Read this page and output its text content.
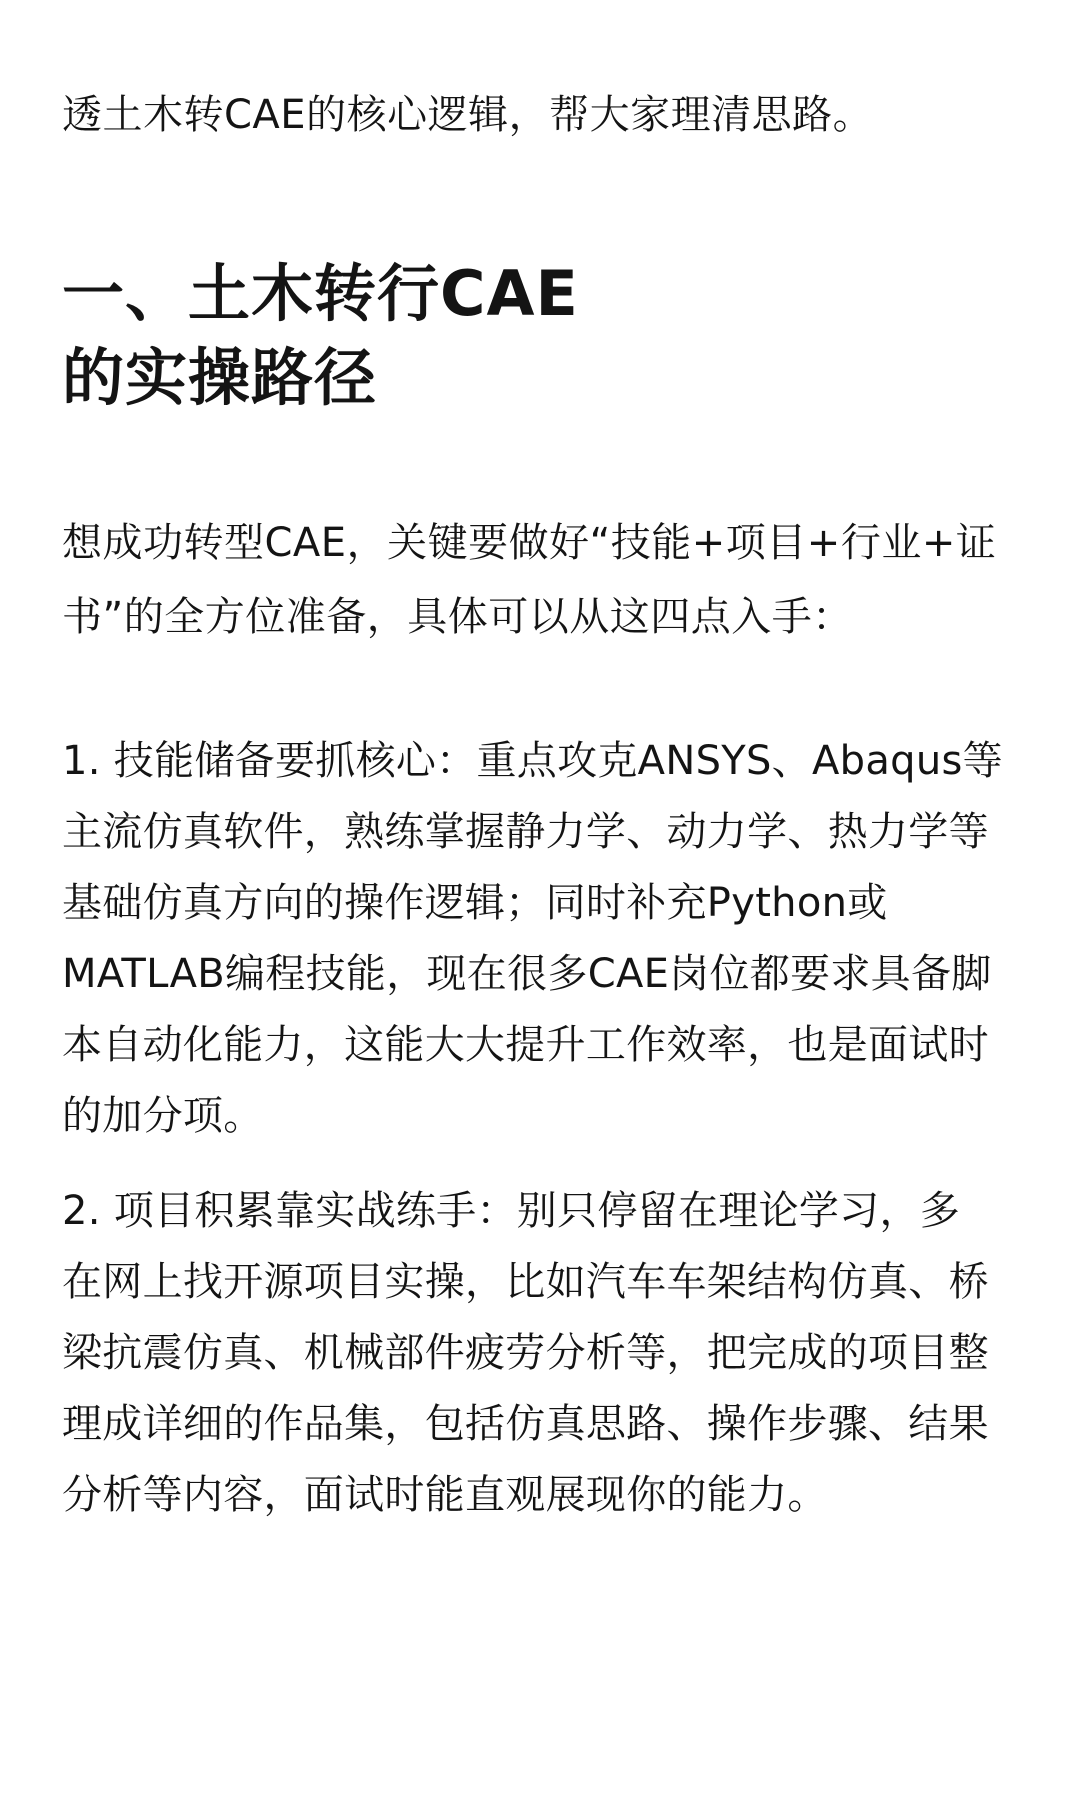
透土木转CAE的核心逻辑，帮大家理清思路。

一、土木转行CAE
的实操路径

想成功转型CAE，关键要做好“技能+项目+行业+证
书”的全方位准备，具体可以从这四点入手：

1. 技能储备要抓核心：重点攻克ANSYS、Abaqus等
主流仿真软件，熟练掌握静力学、动力学、热力学等
基础仿真方向的操作逻辑；同时补充Python或
MATLAB编程技能，现在很多CAE岗位都要求具备脚
本自动化能力，这能大大提升工作效率，也是面试时
的加分项。

2. 项目积累靠实战练手：别只停留在理论学习，多
在网上找开源项目实操，比如汽车车架结构仿真、桥
梁抗震仿真、机械部件疲劳分析等，把完成的项目整
理成详细的作品集，包括仿真思路、操作步骤、结果
分析等内容，面试时能直观展现你的能力。
